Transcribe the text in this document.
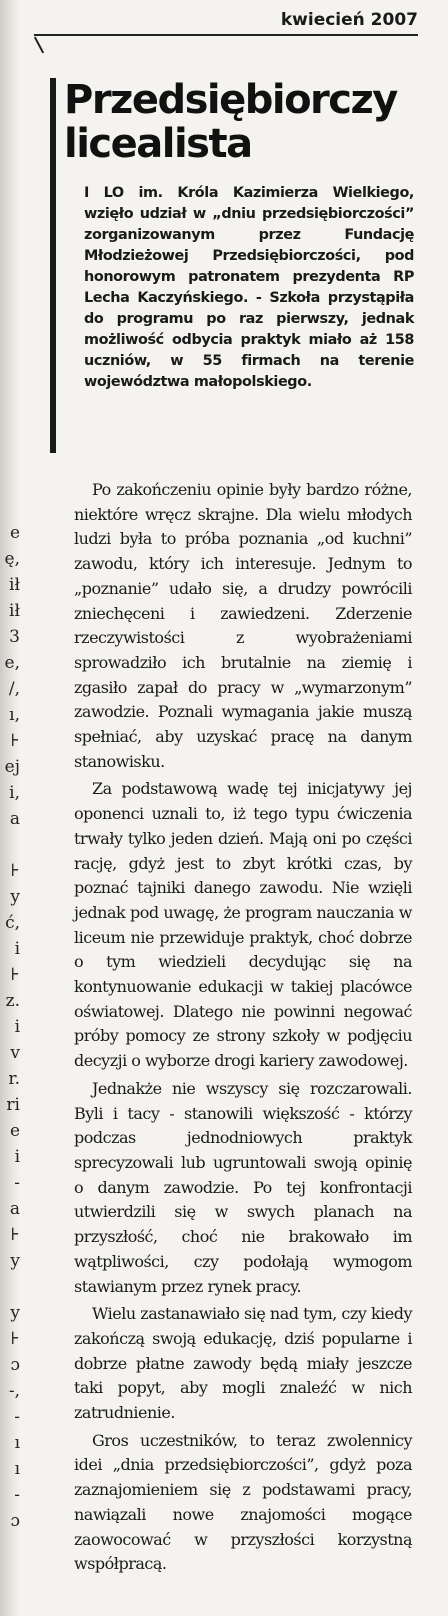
kwiecień 2007
e
ę,
ił
ił
3
e,
/,
ı,
⊦
ej
i,
a
⊦
y
ć,
i
⊦
z.
i
v
r.
ri
e
i
-
a
⊦
y
y
⊦
ɔ
-,
-
ı
ı
-
ɔ
Przedsiębiorczy licealista

I LO im. Króla Kazimierza Wielkiego, wzięło udział w „dniu przedsiębiorczości” zorganizowanym przez Fundację Młodzieżowej Przedsiębiorczości, pod honorowym patronatem prezydenta RP Lecha Kaczyńskiego. - Szkoła przystąpiła do programu po raz pierwszy, jednak możliwość odbycia praktyk miało aż 158 uczniów, w 55 firmach na terenie województwa małopolskiego.

Po zakończeniu opinie były bardzo różne, niektóre wręcz skrajne. Dla wielu młodych ludzi była to próba poznania „od kuchni” zawodu, który ich interesuje. Jednym to „poznanie” udało się, a drudzy powrócili zniechęceni i zawiedzeni. Zderzenie rzeczywistości z wyobrażeniami sprowadziło ich brutalnie na ziemię i zgasiło zapał do pracy w „wymarzonym” zawodzie. Poznali wymagania jakie muszą spełniać, aby uzyskać pracę na danym stanowisku.

Za podstawową wadę tej inicjatywy jej oponenci uznali to, iż tego typu ćwiczenia trwały tylko jeden dzień. Mają oni po części rację, gdyż jest to zbyt krótki czas, by poznać tajniki danego zawodu. Nie wzięli jednak pod uwagę, że program nauczania w liceum nie przewiduje praktyk, choć dobrze o tym wiedzieli decydując się na kontynuowanie edukacji w takiej placówce oświatowej. Dlatego nie powinni negować próby pomocy ze strony szkoły w podjęciu decyzji o wyborze drogi kariery zawodowej.

Jednakże nie wszyscy się rozczarowali. Byli i tacy - stanowili większość - którzy podczas jednodniowych praktyk sprecyzowali lub ugruntowali swoją opinię o danym zawodzie. Po tej konfrontacji utwierdzili się w swych planach na przyszłość, choć nie brakowało im wątpliwości, czy podołają wymogom stawianym przez rynek pracy.

Wielu zastanawiało się nad tym, czy kiedy zakończą swoją edukację, dziś popularne i dobrze płatne zawody będą miały jeszcze taki popyt, aby mogli znaleźć w nich zatrudnienie.

Gros uczestników, to teraz zwolennicy idei „dnia przedsiębiorczości”, gdyż poza zaznajomieniem się z podstawami pracy, nawiązali nowe znajomości mogące zaowocować w przyszłości korzystną współpracą.
